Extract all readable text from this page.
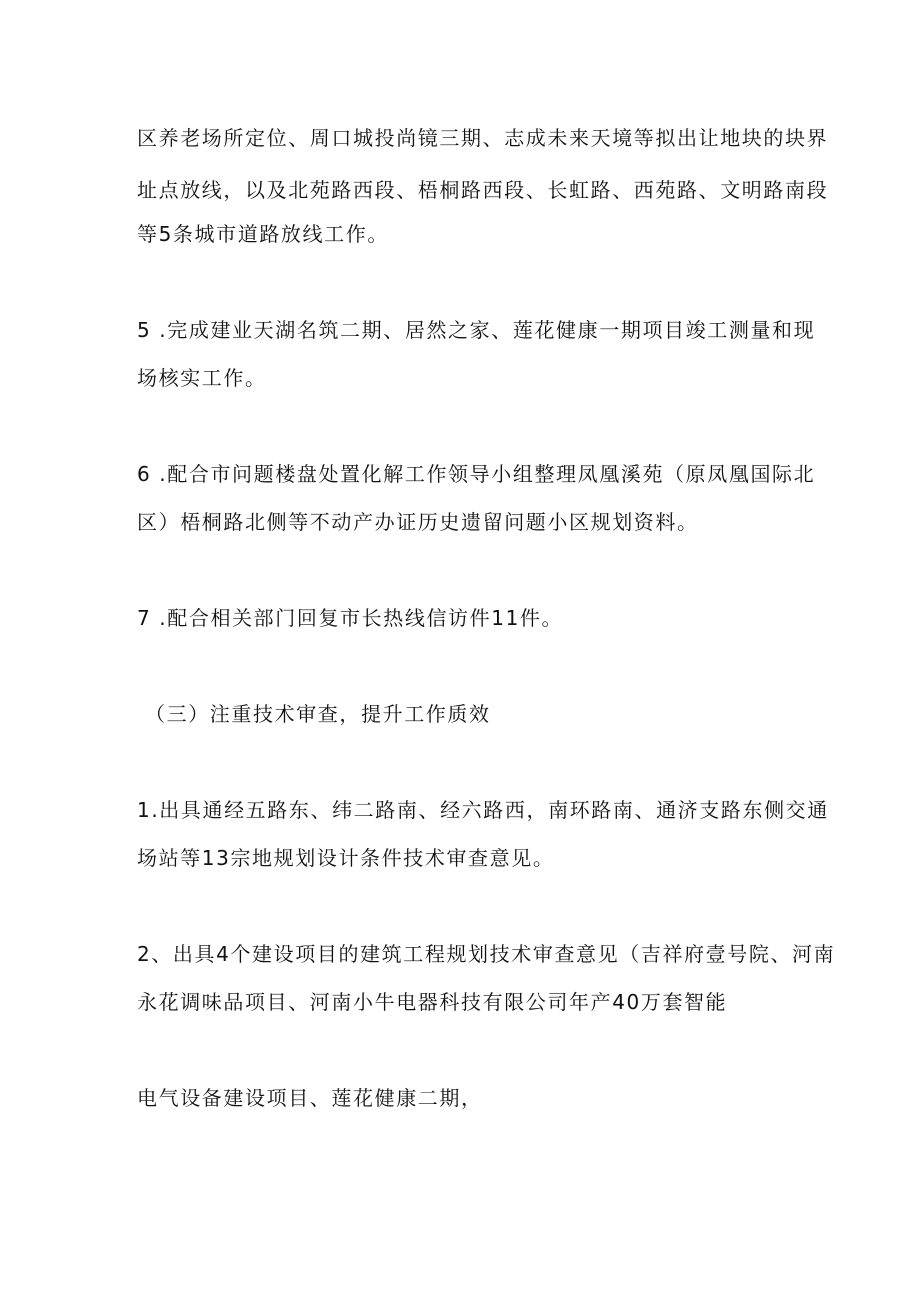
区养老场所定位、周口城投尚镜三期、志成未来天境等拟出让地块的块界

址点放线，以及北苑路西段、梧桐路西段、长虹路、西苑路、文明路南段

等5条城市道路放线工作。

5 .完成建业天湖名筑二期、居然之家、莲花健康一期项目竣工测量和现

场核实工作。

6 .配合市问题楼盘处置化解工作领导小组整理凤凰溪苑（原凤凰国际北

区）梧桐路北侧等不动产办证历史遗留问题小区规划资料。

7 .配合相关部门回复市长热线信访件11件。

（三）注重技术审查，提升工作质效

1.出具通经五路东、纬二路南、经六路西，南环路南、通济支路东侧交通

场站等13宗地规划设计条件技术审查意见。

2、出具4个建设项目的建筑工程规划技术审查意见（吉祥府壹号院、河南

永花调味品项目、河南小牛电器科技有限公司年产40万套智能

电气设备建设项目、莲花健康二期，
